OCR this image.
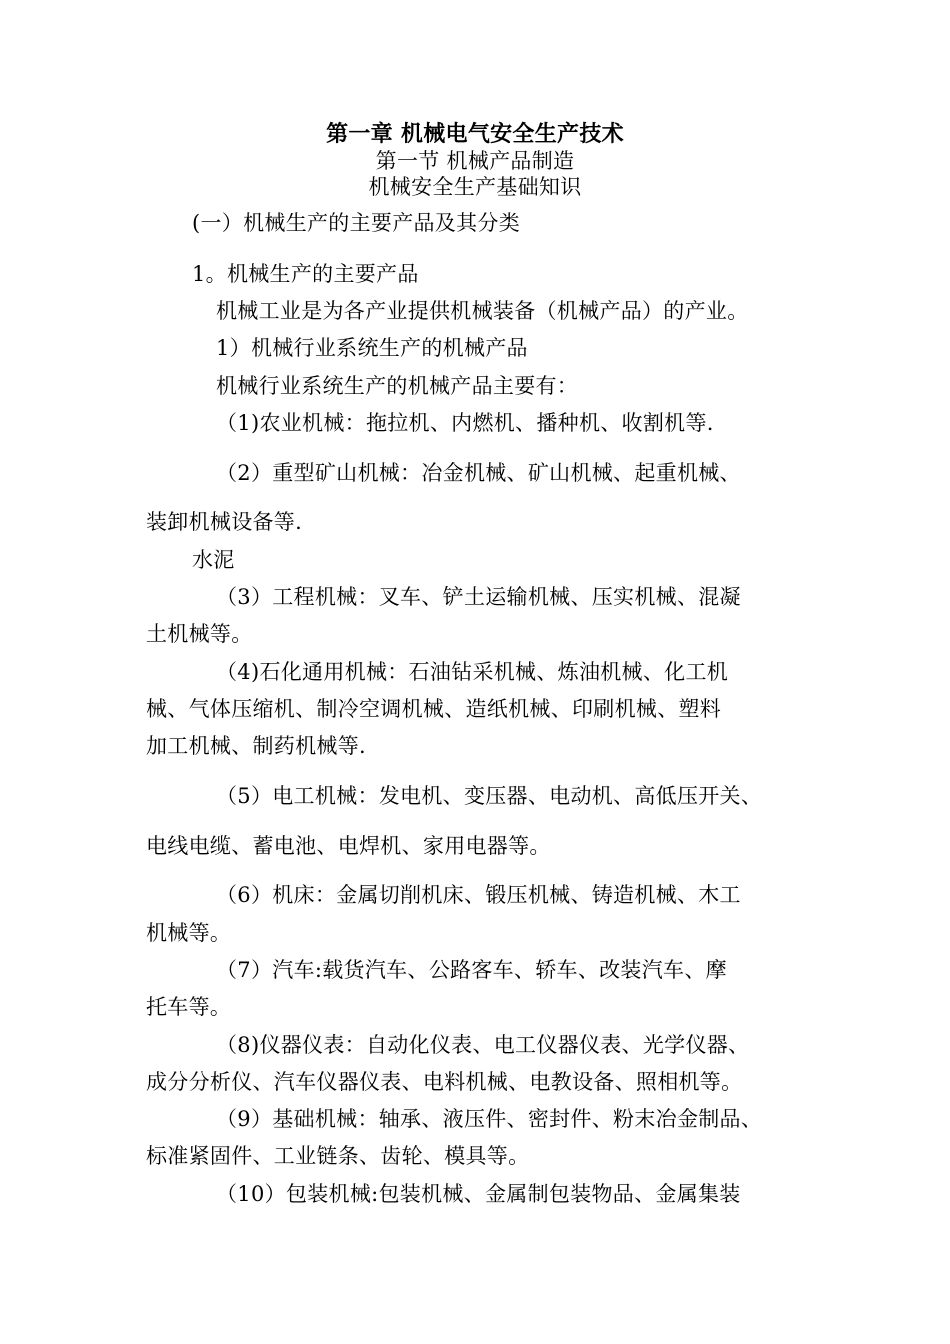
第一章 机械电气安全生产技术
第一节 机械产品制造
机械安全生产基础知识
(一）机械生产的主要产品及其分类
1。机械生产的主要产品
机械工业是为各产业提供机械装备（机械产品）的产业。
1）机械行业系统生产的机械产品
机械行业系统生产的机械产品主要有：
（1)农业机械：拖拉机、内燃机、播种机、收割机等.
（2）重型矿山机械：冶金机械、矿山机械、起重机械、
装卸机械设备等.
水泥
（3）工程机械：叉车、铲土运输机械、压实机械、混凝
土机械等。
（4)石化通用机械：石油钻采机械、炼油机械、化工机
械、气体压缩机、制冷空调机械、造纸机械、印刷机械、塑料
加工机械、制药机械等.
（5）电工机械：发电机、变压器、电动机、高低压开关、
电线电缆、蓄电池、电焊机、家用电器等。
（6）机床：金属切削机床、锻压机械、铸造机械、木工
机械等。
（7）汽车:载货汽车、公路客车、轿车、改装汽车、摩
托车等。
（8)仪器仪表：自动化仪表、电工仪器仪表、光学仪器、
成分分析仪、汽车仪器仪表、电料机械、电教设备、照相机等。
（9）基础机械：轴承、液压件、密封件、粉末冶金制品、
标准紧固件、工业链条、齿轮、模具等。
（10）包装机械:包装机械、金属制包装物品、金属集装
